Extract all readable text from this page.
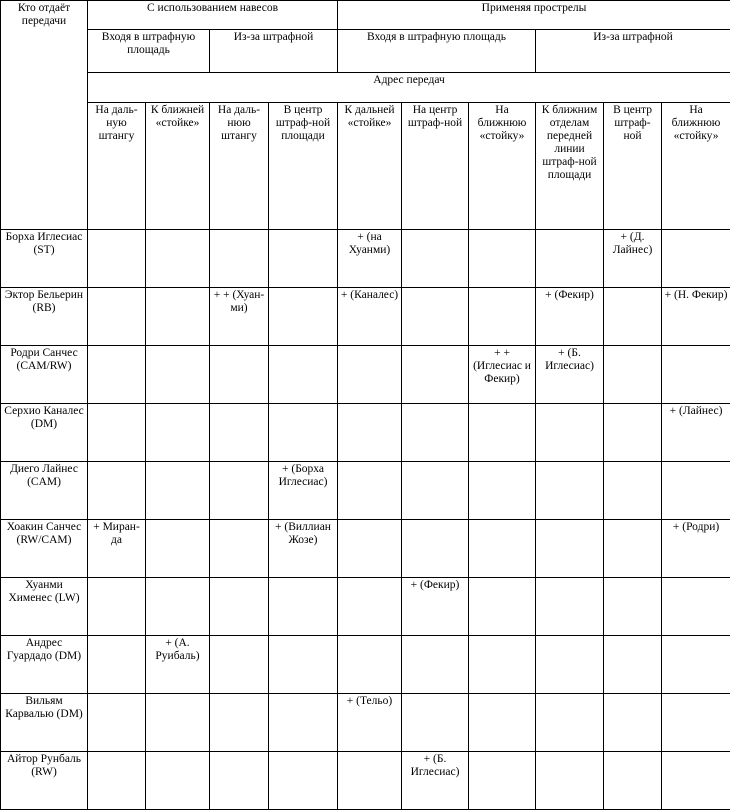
Кто отдаёт передачи	С использованием навесов				Применяя прострелы					
	Входя в штрафную площадь		Из-за штрафной		Входя в штрафную площадь			Из-за штрафной		
	Адрес передач									
	На даль-ную штангу	К ближней «стойке»	На даль-нюю штангу	В центр штраф-ной площади	К дальней «стойке»	На центр штраф-ной	На ближнюю «стойку»	К ближним отделам передней линии штраф-ной площади	В центр штраф-ной	На ближнюю «стойку»
Борха Иглесиас (ST)					+ (на Хуанми)				+ (Д. Лайнес)	
Эктор Бельерин (RB)			+ + (Хуан-ми)		+ (Каналес)			+ (Фекир)		+ (Н. Фекир)
Родри Санчес (CAM/RW)							+ + (Иглесиас и Фекир)	+ (Б. Иглесиас)		
Серхио Каналес (DM)										+ (Лайнес)
Диего Лайнес (CAM)				+ (Борха Иглесиас)						
Хоакин Санчес (RW/CAM)	+ Миран-да			+ (Виллиан Жозе)						+ (Родри)
Хуанми Хименес (LW)						+ (Фекир)				
Андрес Гуардадо (DM)		+ (А. Руибаль)								
Вильям Карвалью (DM)					+ (Тельо)					
Айтор Рунбаль (RW)						+ (Б. Иглесиас)				
